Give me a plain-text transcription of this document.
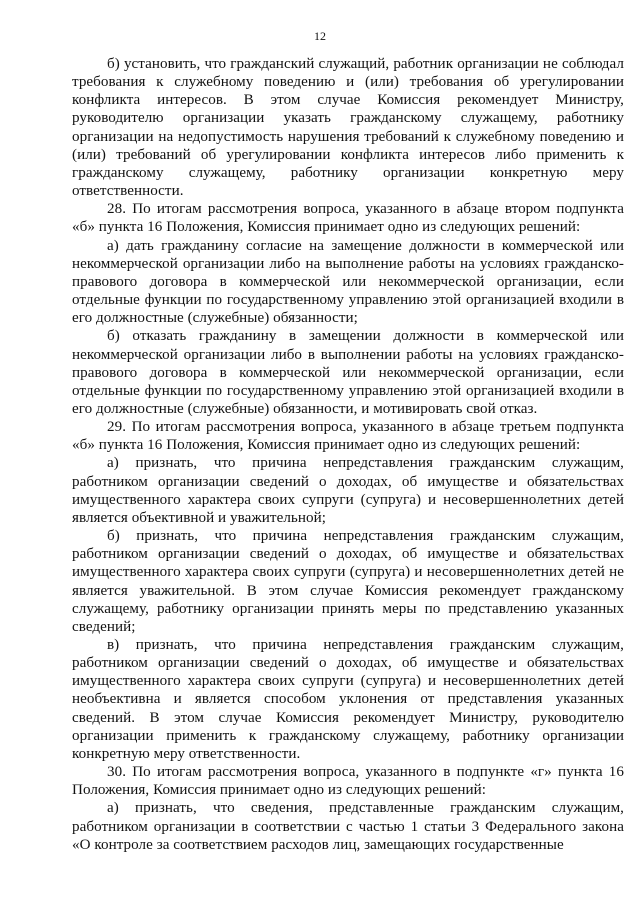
12

б) установить, что гражданский служащий, работник организации не соблюдал требования к служебному поведению и (или) требования об урегулировании конфликта интересов. В этом случае Комиссия рекомендует Министру, руководителю организации указать гражданскому служащему, работнику организации на недопустимость нарушения требований к служебному поведению и (или) требований об урегулировании конфликта интересов либо применить к гражданскому служащему, работнику организации конкретную меру ответственности.

28. По итогам рассмотрения вопроса, указанного в абзаце втором подпункта «б» пункта 16 Положения, Комиссия принимает одно из следующих решений:

а) дать гражданину согласие на замещение должности в коммерческой или некоммерческой организации либо на выполнение работы на условиях гражданско-правового договора в коммерческой или некоммерческой организации, если отдельные функции по государственному управлению этой организацией входили в его должностные (служебные) обязанности;

б) отказать гражданину в замещении должности в коммерческой или некоммерческой организации либо в выполнении работы на условиях гражданско-правового договора в коммерческой или некоммерческой организации, если отдельные функции по государственному управлению этой организацией входили в его должностные (служебные) обязанности, и мотивировать свой отказ.

29. По итогам рассмотрения вопроса, указанного в абзаце третьем подпункта «б» пункта 16 Положения, Комиссия принимает одно из следующих решений:

а) признать, что причина непредставления гражданским служащим, работником организации сведений о доходах, об имуществе и обязательствах имущественного характера своих супруги (супруга) и несовершеннолетних детей является объективной и уважительной;

б) признать, что причина непредставления гражданским служащим, работником организации сведений о доходах, об имуществе и обязательствах имущественного характера своих супруги (супруга) и несовершеннолетних детей не является уважительной. В этом случае Комиссия рекомендует гражданскому служащему, работнику организации принять меры по представлению указанных сведений;

в) признать, что причина непредставления гражданским служащим, работником организации сведений о доходах, об имуществе и обязательствах имущественного характера своих супруги (супруга) и несовершеннолетних детей необъективна и является способом уклонения от представления указанных сведений. В этом случае Комиссия рекомендует Министру, руководителю организации применить к гражданскому служащему, работнику организации конкретную меру ответственности.

30. По итогам рассмотрения вопроса, указанного в подпункте «г» пункта 16 Положения, Комиссия принимает одно из следующих решений:

а) признать, что сведения, представленные гражданским служащим, работником организации в соответствии с частью 1 статьи 3 Федерального закона «О контроле за соответствием расходов лиц, замещающих государственные
